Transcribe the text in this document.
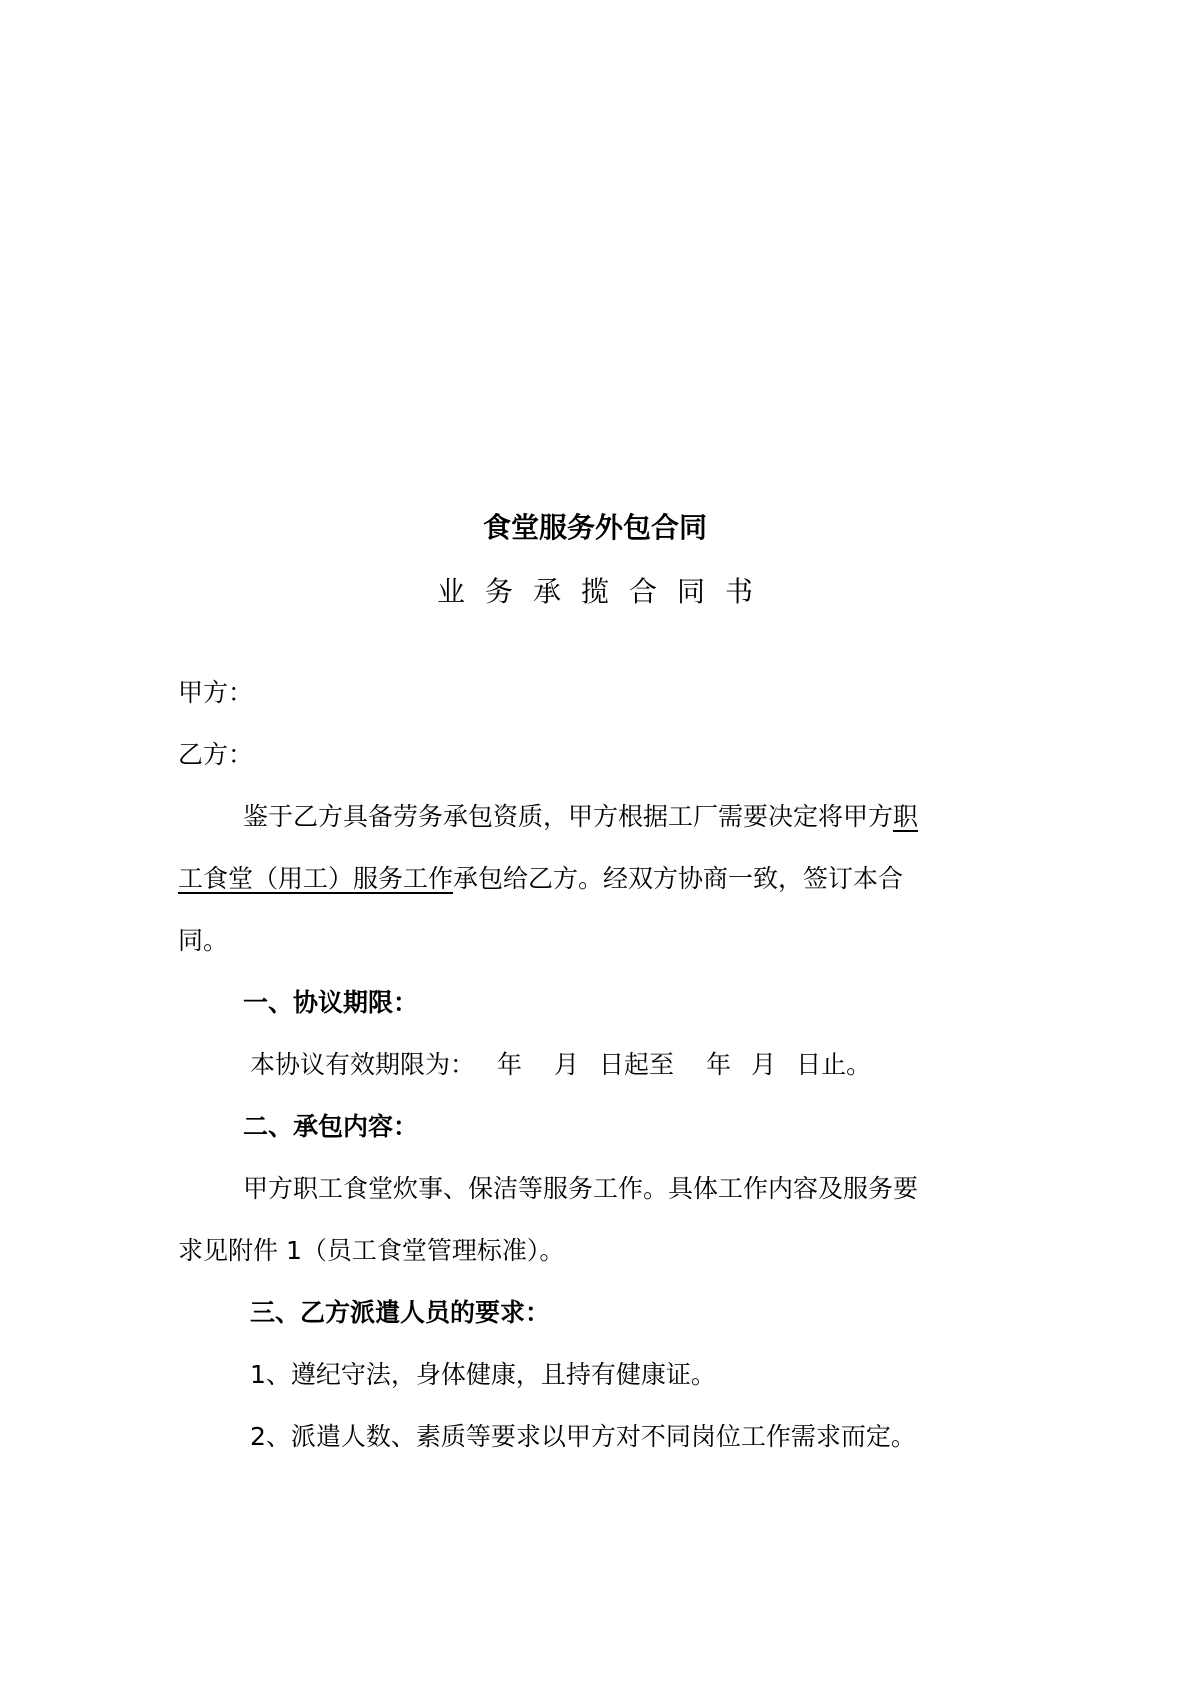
食堂服务外包合同
业务承揽合同书
甲方：
乙方：
鉴于乙方具备劳务承包资质，甲方根据工厂需要决定将甲方职
工食堂（用工）服务工作承包给乙方。经双方协商一致，签订本合
同。
一、协议期限：
本协议有效期限为： 年 月 日起至 年 月 日止。
二、承包内容：
甲方职工食堂炊事、保洁等服务工作。具体工作内容及服务要
求见附件 1（员工食堂管理标准）。
三、乙方派遣人员的要求：
1、遵纪守法，身体健康，且持有健康证。
2、派遣人数、素质等要求以甲方对不同岗位工作需求而定。
